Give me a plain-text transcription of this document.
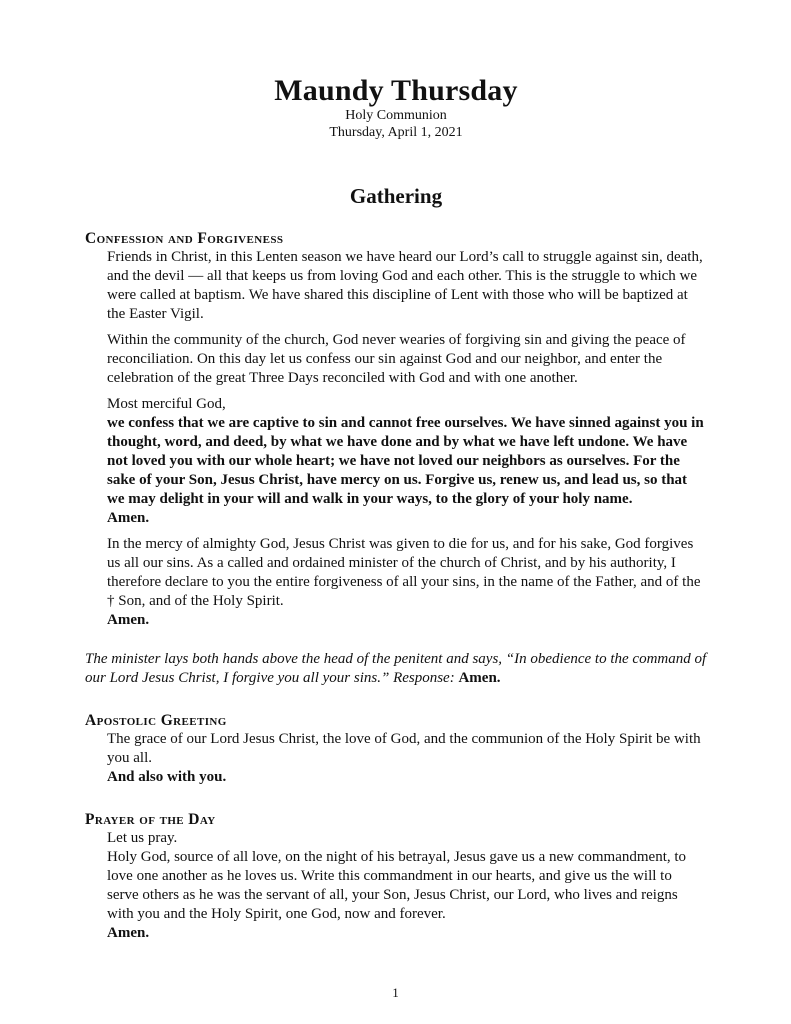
Maundy Thursday
Holy Communion
Thursday, April 1, 2021
Gathering
Confession and Forgiveness

Friends in Christ, in this Lenten season we have heard our Lord’s call to struggle against sin, death, and the devil — all that keeps us from loving God and each other. This is the struggle to which we were called at baptism. We have shared this discipline of Lent with those who will be baptized at the Easter Vigil.

Within the community of the church, God never wearies of forgiving sin and giving the peace of reconciliation. On this day let us confess our sin against God and our neighbor, and enter the celebration of the great Three Days reconciled with God and with one another.

Most merciful God,
we confess that we are captive to sin and cannot free ourselves. We have sinned against you in thought, word, and deed, by what we have done and by what we have left undone. We have not loved you with our whole heart; we have not loved our neighbors as ourselves. For the sake of your Son, Jesus Christ, have mercy on us. Forgive us, renew us, and lead us, so that we may delight in your will and walk in your ways, to the glory of your holy name.
Amen.

In the mercy of almighty God, Jesus Christ was given to die for us, and for his sake, God forgives us all our sins. As a called and ordained minister of the church of Christ, and by his authority, I therefore declare to you the entire forgiveness of all your sins, in the name of the Father, and of the † Son, and of the Holy Spirit.
Amen.

The minister lays both hands above the head of the penitent and says, “In obedience to the command of our Lord Jesus Christ, I forgive you all your sins.” Response: Amen.

Apostolic Greeting

The grace of our Lord Jesus Christ, the love of God, and the communion of the Holy Spirit be with you all.
And also with you.

Prayer of the Day

Let us pray.
Holy God, source of all love, on the night of his betrayal, Jesus gave us a new commandment, to love one another as he loves us. Write this commandment in our hearts, and give us the will to serve others as he was the servant of all, your Son, Jesus Christ, our Lord, who lives and reigns with you and the Holy Spirit, one God, now and forever.
Amen.

1
